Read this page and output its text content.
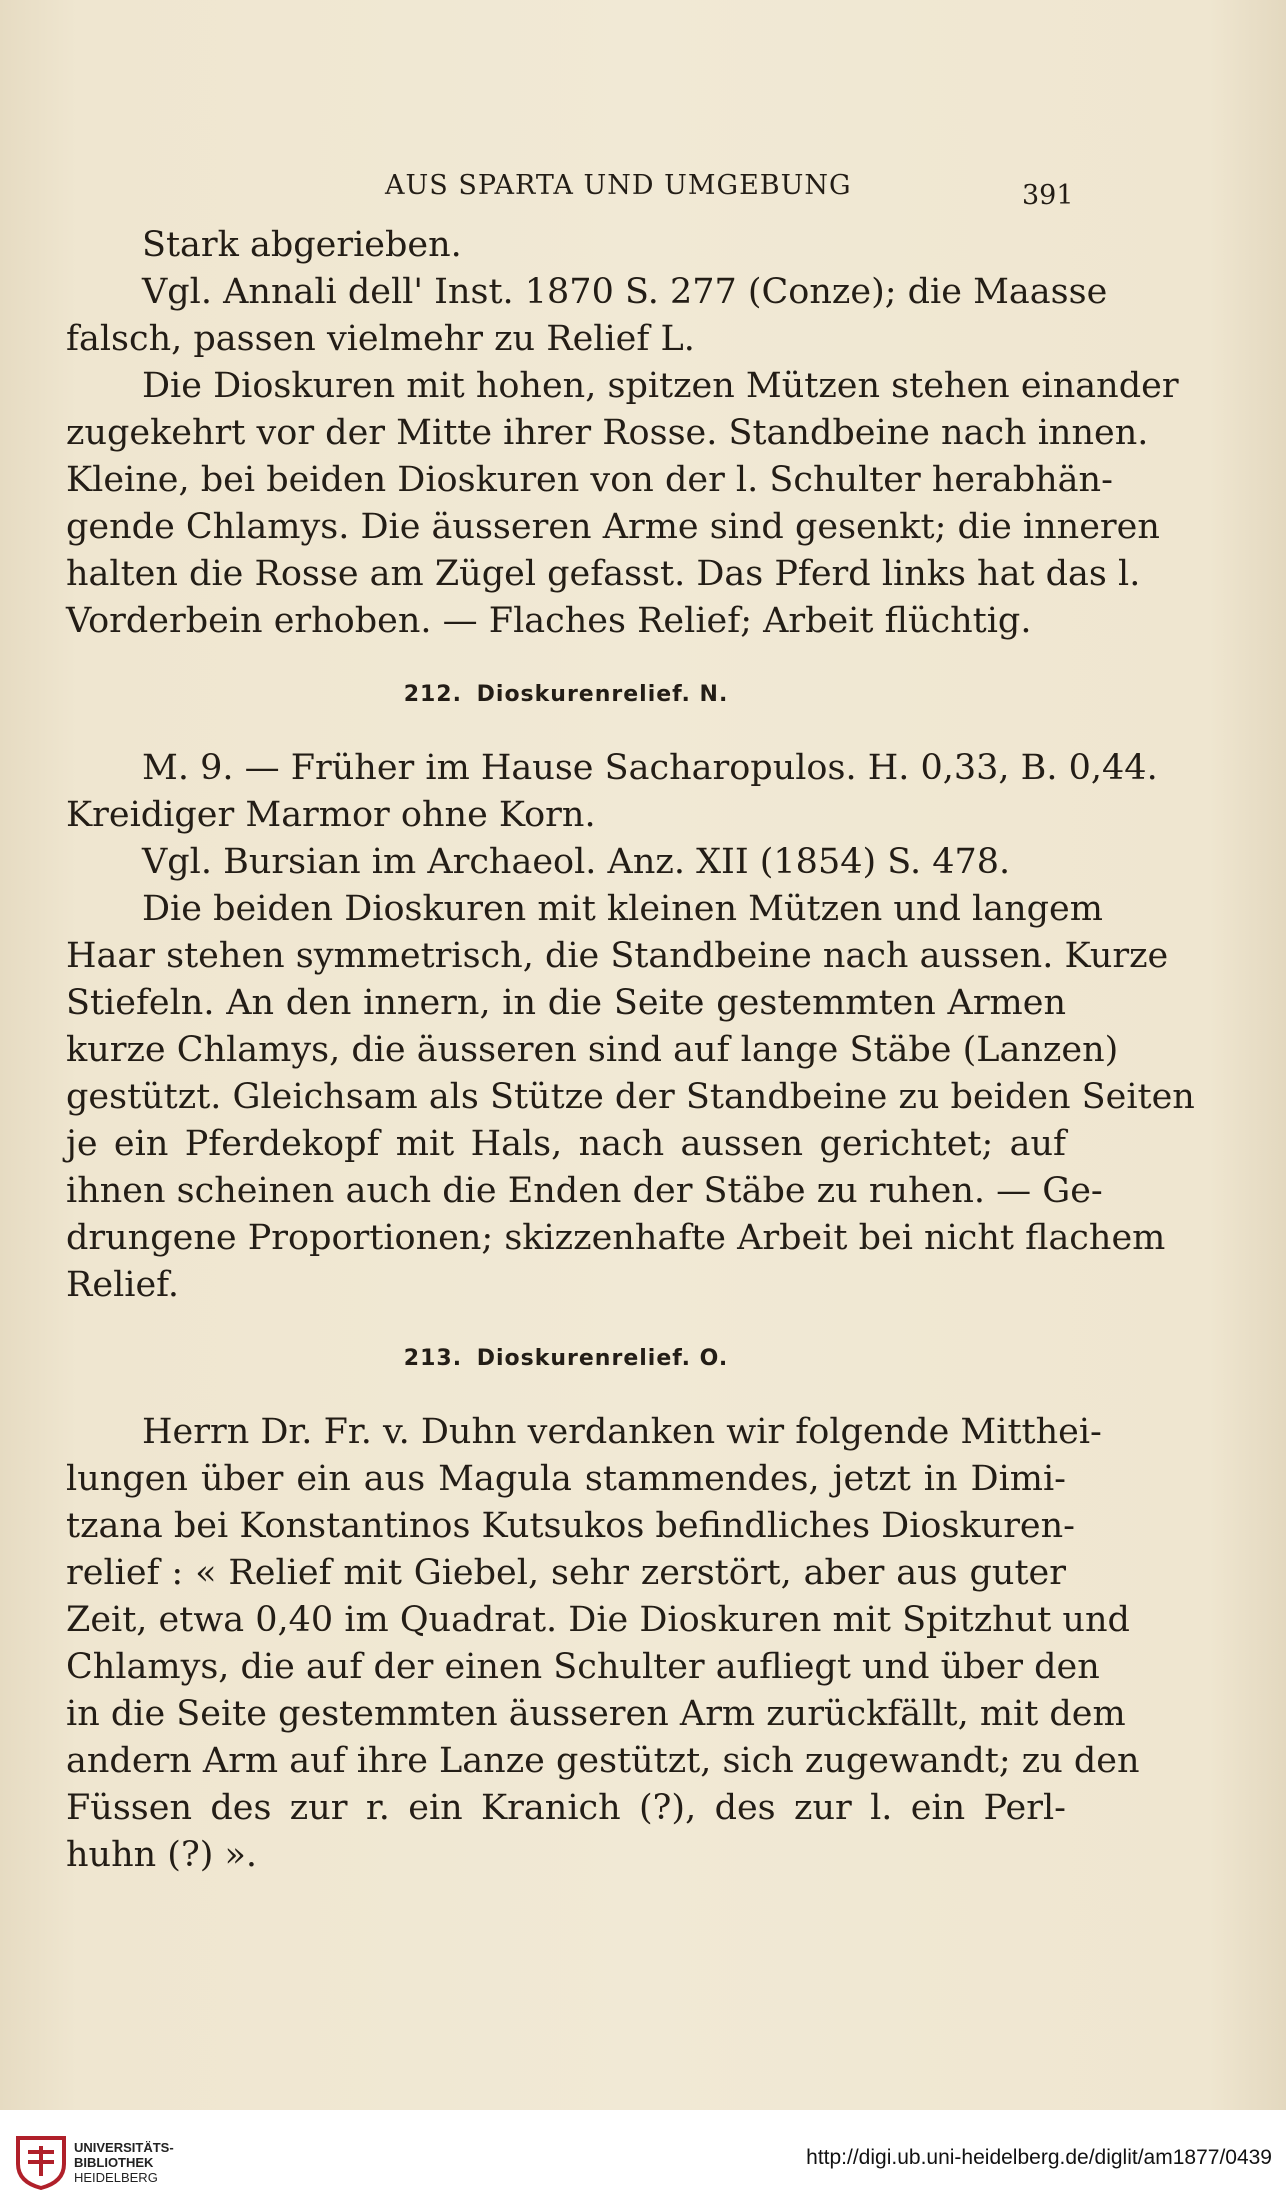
AUS SPARTA UND UMGEBUNG	391
Stark abgerieben.
Vgl. Annali dell' Inst. 1870 S. 277 (Conze); die Maasse
falsch, passen vielmehr zu Relief L.
Die Dioskuren mit hohen, spitzen Mützen stehen einander
zugekehrt vor der Mitte ihrer Rosse. Standbeine nach innen.
Kleine, bei beiden Dioskuren von der l. Schulter herabhän-
gende Chlamys. Die äusseren Arme sind gesenkt; die inneren
halten die Rosse am Zügel gefasst. Das Pferd links hat das l.
Vorderbein erhoben. — Flaches Relief; Arbeit flüchtig.
212. Dioskurenrelief. N.
M. 9. — Früher im Hause Sacharopulos. H. 0,33, B. 0,44.
Kreidiger Marmor ohne Korn.
Vgl. Bursian im Archaeol. Anz. XII (1854) S. 478.
Die beiden Dioskuren mit kleinen Mützen und langem
Haar stehen symmetrisch, die Standbeine nach aussen. Kurze
Stiefeln. An den innern, in die Seite gestemmten Armen
kurze Chlamys, die äusseren sind auf lange Stäbe (Lanzen)
gestützt. Gleichsam als Stütze der Standbeine zu beiden Seiten
je ein Pferdekopf mit Hals, nach aussen gerichtet; auf
ihnen scheinen auch die Enden der Stäbe zu ruhen. — Ge-
drungene Proportionen; skizzenhafte Arbeit bei nicht flachem
Relief.
213. Dioskurenrelief. O.
Herrn Dr. Fr. v. Duhn verdanken wir folgende Mitthei-
lungen über ein aus Magula stammendes, jetzt in Dimi-
tzana bei Konstantinos Kutsukos befindliches Dioskuren-
relief : « Relief mit Giebel, sehr zerstört, aber aus guter
Zeit, etwa 0,40 im Quadrat. Die Dioskuren mit Spitzhut und
Chlamys, die auf der einen Schulter aufliegt und über den
in die Seite gestemmten äusseren Arm zurückfällt, mit dem
andern Arm auf ihre Lanze gestützt, sich zugewandt; zu den
Füssen des zur r. ein Kranich (?), des zur l. ein Perl-
huhn (?) ».
UNIVERSITÄTS-
BIBLIOTHEK
HEIDELBERG
http://digi.ub.uni-heidelberg.de/diglit/am1877/0439
